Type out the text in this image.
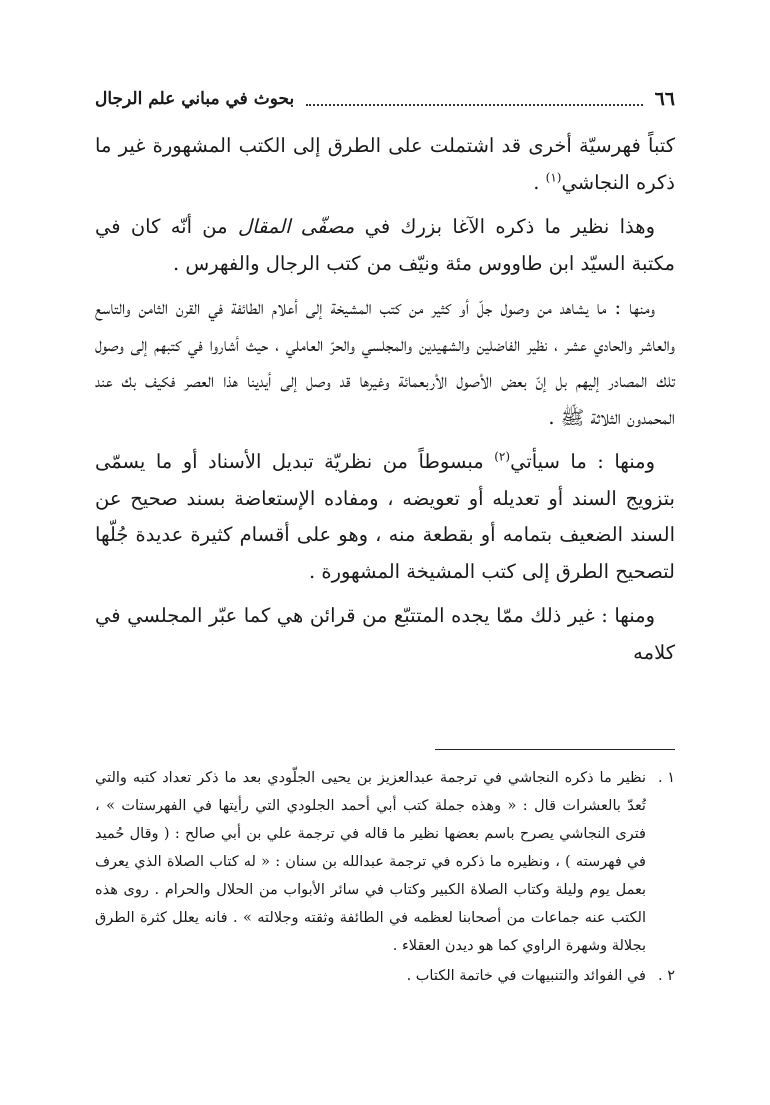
٦٦
بحوث في مباني علم الرجال

كتباً فهرسيّة أخرى قد اشتملت على الطرق إلى الكتب المشهورة غير ما ذكره النجاشي$^{(١)}$ .

وهذا نظير ما ذكره الآغا بزرك في مصفّى المقال من أنّه كان في مكتبة السيّد ابن طاووس مئة ونيّف من كتب الرجال والفهرس .

ومنها : ما يشاهد من وصول جلّ أو كثير من كتب المشيخة إلى أعلام الطائفة في القرن الثامن والتاسع والعاشر والحادي عشر ، نظير الفاضلين والشهيدين والمجلسي والحرّ العاملي ، حيث أشاروا في كتبهم إلى وصول تلك المصادر إليهم بل إنّ بعض الأصول الأربعمائة وغيرها قد وصل إلى أيدينا هذا العصر فكيف بك عند المحمدون الثلاثة ﷺ .

ومنها : ما سيأتي$^{(٢)}$ مبسوطاً من نظريّة تبديل الأسناد أو ما يسمّى بتزويج السند أو تعديله أو تعويضه ، ومفاده الإستعاضة بسند صحيح عن السند الضعيف بتمامه أو بقطعة منه ، وهو على أقسام كثيرة عديدة جُلّها لتصحيح الطرق إلى كتب المشيخة المشهورة .

ومنها : غير ذلك ممّا يجده المتتبّع من قرائن هي كما عبّر المجلسي في كلامه

١ .
نظير ما ذكره النجاشي في ترجمة عبدالعزيز بن يحيى الجلّودي بعد ما ذكر تعداد كتبه والتي تُعدّ بالعشرات قال : « وهذه جملة كتب أبي أحمد الجلودي التي رأيتها في الفهرستات » ، فترى النجاشي يصرح باسم بعضها نظير ما قاله في ترجمة علي بن أبي صالح : ( وقال حُميد في فهرسته ) ، ونظيره ما ذكره في ترجمة عبدالله بن سنان : « له كتاب الصلاة الذي يعرف بعمل يوم وليلة وكتاب الصلاة الكبير وكتاب في سائر الأبواب من الحلال والحرام . روى هذه الكتب عنه جماعات من أصحابنا لعظمه في الطائفة وثقته وجلالته » . فانه يعلل كثرة الطرق بجلالة وشهرة الراوي كما هو ديدن العقلاء .
٢ .
في الفوائد والتنبيهات في خاتمة الكتاب .
